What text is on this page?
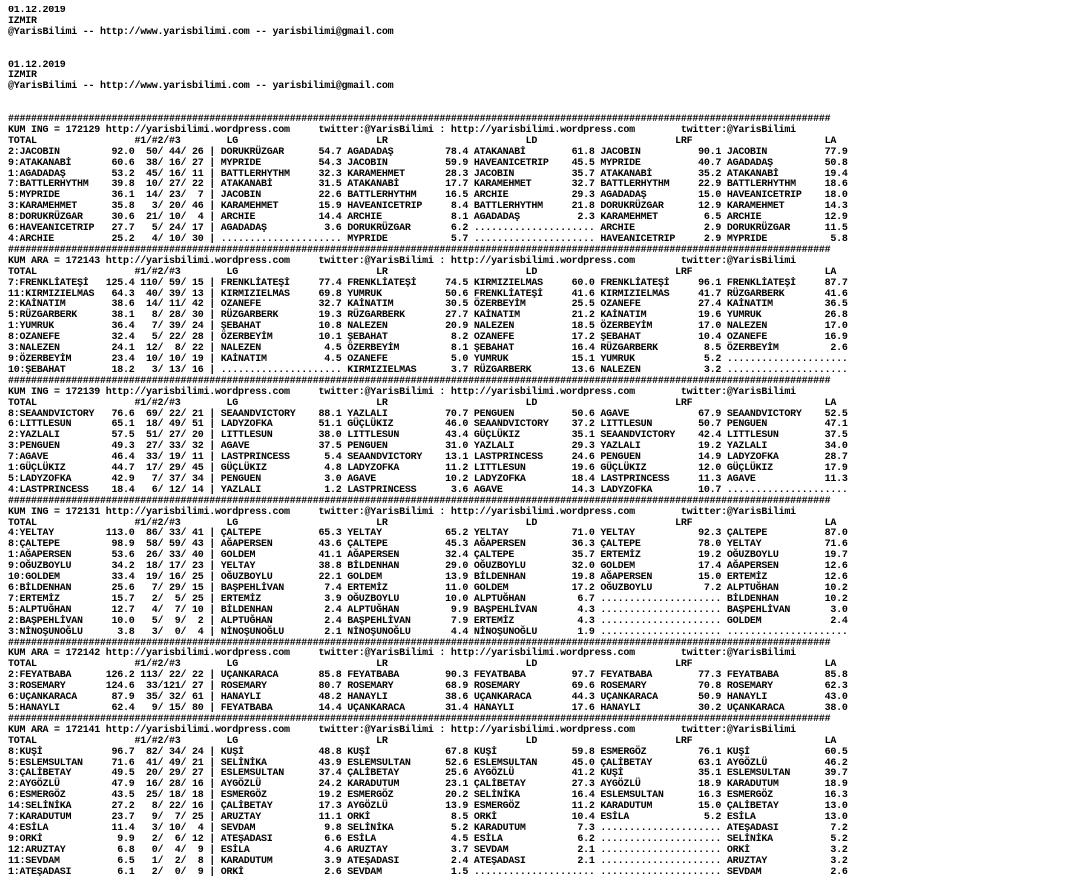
01.12.2019
IZMIR
@YarisBilimi -- http://www.yarisbilimi.com -- yarisbilimi@gmail.com
01.12.2019
IZMIR
@YarisBilimi -- http://www.yarisbilimi.com -- yarisbilimi@gmail.com
###############################################################################################################################################
KUM ING = 172129 http://yarisbilimi.wordpress.com     twitter:@YarisBilimi : http://yarisbilimi.wordpress.com        twitter:@YarisBilimi
TOTAL                 #1/#2/#3        LG                        LR                        LD                        LRF                       LA
2:JACOBIN         92.0  50/ 44/ 26 | DORUKRÜZGAR      54.7 AGADADAŞ         78.4 ATAKANABİ        61.8 JACOBIN          90.1 JACOBIN          77.9
9:ATAKANABİ       60.6  38/ 16/ 27 | MYPRIDE          54.3 JACOBIN          59.9 HAVEANICETRIP    45.5 MYPRIDE          40.7 AGADADAŞ         50.8
1:AGADADAŞ        53.2  45/ 16/ 11 | BATTLERHYTHM     32.3 KARAMEHMET       28.3 JACOBIN          35.7 ATAKANABİ        35.2 ATAKANABİ        19.4
7:BATTLERHYTHM    39.8  10/ 27/ 22 | ATAKANABİ        31.5 ATAKANABİ        17.7 KARAMEHMET       32.7 BATTLERHYTHM     22.9 BATTLERHYTHM     18.6
5:MYPRIDE         36.1  14/ 23/  7 | JACOBIN          22.6 BATTLERHYTHM     16.5 ARCHIE           29.3 AGADADAŞ         15.0 HAVEANICETRIP    18.0
3:KARAMEHMET      35.8   3/ 20/ 46 | KARAMEHMET       15.9 HAVEANICETRIP     8.4 BATTLERHYTHM     21.8 DORUKRÜZGAR      12.9 KARAMEHMET       14.3
8:DORUKRÜZGAR     30.6  21/ 10/  4 | ARCHIE           14.4 ARCHIE            8.1 AGADADAŞ          2.3 KARAMEHMET        6.5 ARCHIE           12.9
6:HAVEANICETRIP   27.7   5/ 24/ 17 | AGADADAŞ          3.6 DORUKRÜZGAR       6.2 ..................... ARCHIE            2.9 DORUKRÜZGAR      11.5
4:ARCHIE          25.2   4/ 10/ 30 | ..................... MYPRIDE           5.7 ..................... HAVEANICETRIP     2.9 MYPRIDE           5.8
###############################################################################################################################################
KUM ARA = 172143 http://yarisbilimi.wordpress.com     twitter:@YarisBilimi : http://yarisbilimi.wordpress.com        twitter:@YarisBilimi
TOTAL                 #1/#2/#3        LG                        LR                        LD                        LRF                       LA
7:FRENKLİATEŞİ   125.4 110/ 59/ 15 | FRENKLİATEŞİ     77.4 FRENKLİATEŞİ     74.5 KIRMIZIELMAS     60.0 FRENKLİATEŞİ     96.1 FRENKLİATEŞİ     87.7
11:KIRMIZIELMAS   64.3  40/ 39/ 13 | KIRMIZIELMAS     69.8 YUMRUK           50.6 FRENKLİATEŞİ     41.6 KIRMIZIELMAS     41.7 RÜZGARBERK       41.6
2:KAİNATIM        38.6  14/ 11/ 42 | OZANEFE          32.7 KAİNATIM         30.5 ÖZERBEYİM        25.5 OZANEFE          27.4 KAİNATIM         36.5
5:RÜZGARBERK      38.1   8/ 28/ 30 | RÜZGARBERK       19.3 RÜZGARBERK       27.7 KAİNATIM         21.2 KAİNATIM         19.6 YUMRUK           26.8
1:YUMRUK          36.4   7/ 39/ 24 | ŞEBAHAT          10.8 NALEZEN          20.9 NALEZEN          18.5 ÖZERBEYİM        17.0 NALEZEN          17.0
8:OZANEFE         32.4   5/ 22/ 28 | ÖZERBEYİM        10.1 ŞEBAHAT           8.2 OZANEFE          17.2 ŞEBAHAT          10.4 OZANEFE          16.9
3:NALEZEN         24.1  12/  8/ 22 | NALEZEN           4.5 ÖZERBEYİM         8.1 ŞEBAHAT          16.4 RÜZGARBERK        8.5 ÖZERBEYİM         2.6
9:ÖZERBEYİM       23.4  10/ 10/ 19 | KAİNATIM          4.5 OZANEFE           5.0 YUMRUK           15.1 YUMRUK            5.2 .....................
10:ŞEBAHAT        18.2   3/ 13/ 16 | ..................... KIRMIZIELMAS      3.7 RÜZGARBERK       13.6 NALEZEN           3.2 .....................
###############################################################################################################################################
KUM ING = 172139 http://yarisbilimi.wordpress.com     twitter:@YarisBilimi : http://yarisbilimi.wordpress.com        twitter:@YarisBilimi
TOTAL                 #1/#2/#3        LG                        LR                        LD                        LRF                       LA
8:SEAANDVICTORY   76.6  69/ 22/ 21 | SEAANDVICTORY    88.1 YAZLALI          70.7 PENGUEN          50.6 AGAVE            67.9 SEAANDVICTORY    52.5
6:LITTLESUN       65.1  18/ 49/ 51 | LADYZOFKA        51.1 GÜÇLÜKIZ         46.0 SEAANDVICTORY    37.2 LITTLESUN        50.7 PENGUEN          47.1
2:YAZLALI         57.5  51/ 27/ 20 | LITTLESUN        38.0 LITTLESUN        43.4 GÜÇLÜKIZ         35.1 SEAANDVICTORY    42.4 LITTLESUN        37.5
3:PENGUEN         49.3  27/ 33/ 32 | AGAVE            37.5 PENGUEN          31.0 YAZLALI          29.3 YAZLALI          19.2 YAZLALI          34.0
7:AGAVE           46.4  33/ 19/ 11 | LASTPRINCESS      5.4 SEAANDVICTORY    13.1 LASTPRINCESS     24.6 PENGUEN          14.9 LADYZOFKA        28.7
1:GÜÇLÜKIZ        44.7  17/ 29/ 45 | GÜÇLÜKIZ          4.8 LADYZOFKA        11.2 LITTLESUN        19.6 GÜÇLÜKIZ         12.0 GÜÇLÜKIZ         17.9
5:LADYZOFKA       42.9   7/ 37/ 34 | PENGUEN           3.0 AGAVE            10.2 LADYZOFKA        18.4 LASTPRINCESS     11.3 AGAVE            11.3
4:LASTPRINCESS    18.4   6/ 12/ 14 | YAZLALI           1.2 LASTPRINCESS      3.6 AGAVE            14.3 LADYZOFKA        10.7 .....................
###############################################################################################################################################
KUM ING = 172131 http://yarisbilimi.wordpress.com     twitter:@YarisBilimi : http://yarisbilimi.wordpress.com        twitter:@YarisBilimi
TOTAL                 #1/#2/#3        LG                        LR                        LD                        LRF                       LA
4:YELTAY         113.0  86/ 33/ 41 | ÇALTEPE          65.3 YELTAY           65.2 YELTAY           71.0 YELTAY           92.3 ÇALTEPE          87.0
8:ÇALTEPE         98.9  58/ 59/ 43 | AĞAPERSEN        43.6 ÇALTEPE          45.3 AĞAPERSEN        36.3 ÇALTEPE          78.0 YELTAY           71.6
1:AĞAPERSEN       53.6  26/ 33/ 40 | GOLDEM           41.1 AĞAPERSEN        32.4 ÇALTEPE          35.7 ERTEMİZ          19.2 OĞUZBOYLU        19.7
9:OĞUZBOYLU       34.2  18/ 17/ 23 | YELTAY           38.8 BİLDENHAN        29.0 OĞUZBOYLU        32.0 GOLDEM           17.4 AĞAPERSEN        12.6
10:GOLDEM         33.4  19/ 16/ 25 | OĞUZBOYLU        22.1 GOLDEM           13.9 BİLDENHAN        19.8 AĞAPERSEN        15.0 ERTEMİZ          12.6
6:BİLDENHAN       25.6   7/ 29/ 15 | BAŞPEHLİVAN       7.4 ERTEMİZ          11.0 GOLDEM           17.2 OĞUZBOYLU         7.2 ALPTUĞHAN        10.2
7:ERTEMİZ         15.7   2/  5/ 25 | ERTEMİZ           3.9 OĞUZBOYLU        10.0 ALPTUĞHAN         6.7 ..................... BİLDENHAN        10.2
5:ALPTUĞHAN       12.7   4/  7/ 10 | BİLDENHAN         2.4 ALPTUĞHAN         9.9 BAŞPEHLİVAN       4.3 ..................... BAŞPEHLİVAN       3.0
2:BAŞPEHLİVAN     10.0   5/  9/  2 | ALPTUĞHAN         2.4 BAŞPEHLİVAN       7.9 ERTEMİZ           4.3 ..................... GOLDEM            2.4
3:NİNOŞUNOĞLU      3.8   3/  0/  4 | NİNOŞUNOĞLU       2.1 NİNOŞUNOĞLU       4.4 NİNOŞUNOĞLU       1.9 ..................... .....................
###############################################################################################################################################
KUM ARA = 172142 http://yarisbilimi.wordpress.com     twitter:@YarisBilimi : http://yarisbilimi.wordpress.com        twitter:@YarisBilimi
TOTAL                 #1/#2/#3        LG                        LR                        LD                        LRF                       LA
2:FEYATBABA      126.2 113/ 22/ 22 | UÇANKARACA       85.8 FEYATBABA        90.3 FEYATBABA        97.7 FEYATBABA        77.3 FEYATBABA        85.8
3:ROSEMARY       124.6  33/121/ 27 | ROSEMARY         80.7 ROSEMARY         68.9 ROSEMARY         69.6 ROSEMARY         70.8 ROSEMARY         62.3
6:UÇANKARACA      87.9  35/ 32/ 61 | HANAYLI          48.2 HANAYLI          38.6 UÇANKARACA       44.3 UÇANKARACA       50.9 HANAYLI          43.0
5:HANAYLI         62.4   9/ 15/ 80 | FEYATBABA        14.4 UÇANKARACA       31.4 HANAYLI          17.6 HANAYLI          30.2 UÇANKARACA       38.0
###############################################################################################################################################
KUM ARA = 172141 http://yarisbilimi.wordpress.com     twitter:@YarisBilimi : http://yarisbilimi.wordpress.com        twitter:@YarisBilimi
TOTAL                 #1/#2/#3        LG                        LR                        LD                        LRF                       LA
8:KUŞİ            96.7  82/ 34/ 24 | KUŞİ             48.8 KUŞİ             67.8 KUŞİ             59.8 ESMERGÖZ         76.1 KUŞİ             60.5
5:ESLEMSULTAN     71.6  41/ 49/ 21 | SELİNİKA         43.9 ESLEMSULTAN      52.6 ESLEMSULTAN      45.0 ÇALİBETAY        63.1 AYGÖZLÜ          46.2
3:ÇALİBETAY       49.5  20/ 29/ 27 | ESLEMSULTAN      37.4 ÇALİBETAY        25.6 AYGÖZLÜ          41.2 KUŞİ             35.1 ESLEMSULTAN      39.7
2:AYGÖZLÜ         47.9  16/ 28/ 16 | AYGÖZLÜ          24.2 KARADUTUM        23.1 ÇALİBETAY        27.3 AYGÖZLÜ          18.9 KARADUTUM        18.9
6:ESMERGÖZ        43.5  25/ 18/ 18 | ESMERGÖZ         19.2 ESMERGÖZ         20.2 SELİNİKA         16.4 ESLEMSULTAN      16.3 ESMERGÖZ         16.3
14:SELİNİKA       27.2   8/ 22/ 16 | ÇALİBETAY        17.3 AYGÖZLÜ          13.9 ESMERGÖZ         11.2 KARADUTUM        15.0 ÇALİBETAY        13.0
7:KARADUTUM       23.7   9/  7/ 25 | ARUZTAY          11.1 ORKİ              8.5 ORKİ             10.4 ESİLA             5.2 ESİLA            13.0
4:ESİLA           11.4   3/ 10/  4 | SEVDAM            9.8 SELİNİKA          5.2 KARADUTUM         7.3 ..................... ATEŞADASI         7.2
9:ORKİ             9.9   2/  6/ 12 | ATEŞADASI         6.6 ESİLA             4.5 ESİLA             6.2 ..................... SELİNİKA          5.2
12:ARUZTAY         6.8   0/  4/  9 | ESİLA             4.6 ARUZTAY           3.7 SEVDAM            2.1 ..................... ORKİ              3.2
11:SEVDAM          6.5   1/  2/  8 | KARADUTUM         3.9 ATEŞADASI         2.4 ATEŞADASI         2.1 ..................... ARUZTAY           3.2
1:ATEŞADASI        6.1   2/  0/  9 | ORKİ              2.6 SEVDAM            1.5 ..................... ..................... SEVDAM            2.6
